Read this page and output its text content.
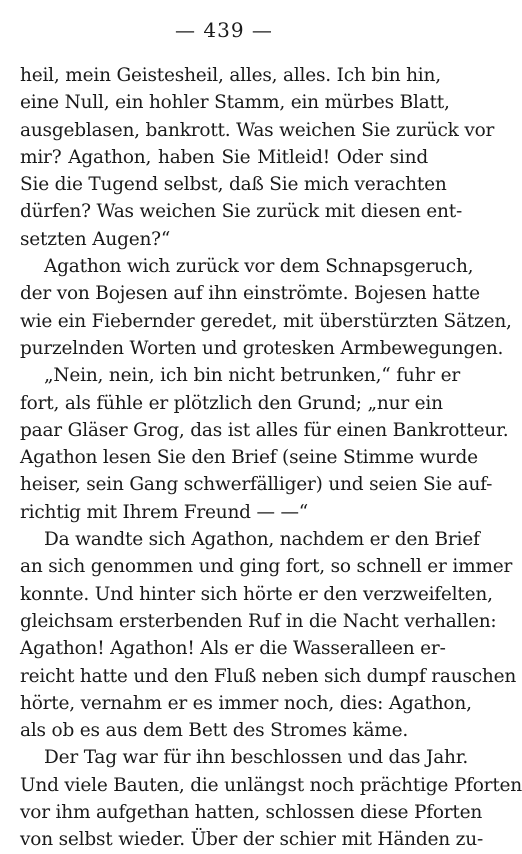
— 439 —
heil, mein Geistesheil, alles, alles. Ich bin hin,
eine Null, ein hohler Stamm, ein mürbes Blatt,
ausgeblasen, bankrott. Was weichen Sie zurück vor
mir? Agathon, haben Sie Mitleid! Oder sind
Sie die Tugend selbst, daß Sie mich verachten
dürfen? Was weichen Sie zurück mit diesen ent-
setzten Augen?“
Agathon wich zurück vor dem Schnapsgeruch,
der von Bojesen auf ihn einströmte. Bojesen hatte
wie ein Fiebernder geredet, mit überstürzten Sätzen,
purzelnden Worten und grotesken Armbewegungen.
„Nein, nein, ich bin nicht betrunken,“ fuhr er
fort, als fühle er plötzlich den Grund; „nur ein
paar Gläser Grog, das ist alles für einen Bankrotteur.
Agathon lesen Sie den Brief (seine Stimme wurde
heiser, sein Gang schwerfälliger) und seien Sie auf-
richtig mit Ihrem Freund — —“
Da wandte sich Agathon, nachdem er den Brief
an sich genommen und ging fort, so schnell er immer
konnte. Und hinter sich hörte er den verzweifelten,
gleichsam ersterbenden Ruf in die Nacht verhallen:
Agathon! Agathon! Als er die Wasseralleen er-
reicht hatte und den Fluß neben sich dumpf rauschen
hörte, vernahm er es immer noch, dies: Agathon,
als ob es aus dem Bett des Stromes käme.
Der Tag war für ihn beschlossen und das Jahr.
Und viele Bauten, die unlängst noch prächtige Pforten
vor ihm aufgethan hatten, schlossen diese Pforten
von selbst wieder. Über der schier mit Händen zu-
